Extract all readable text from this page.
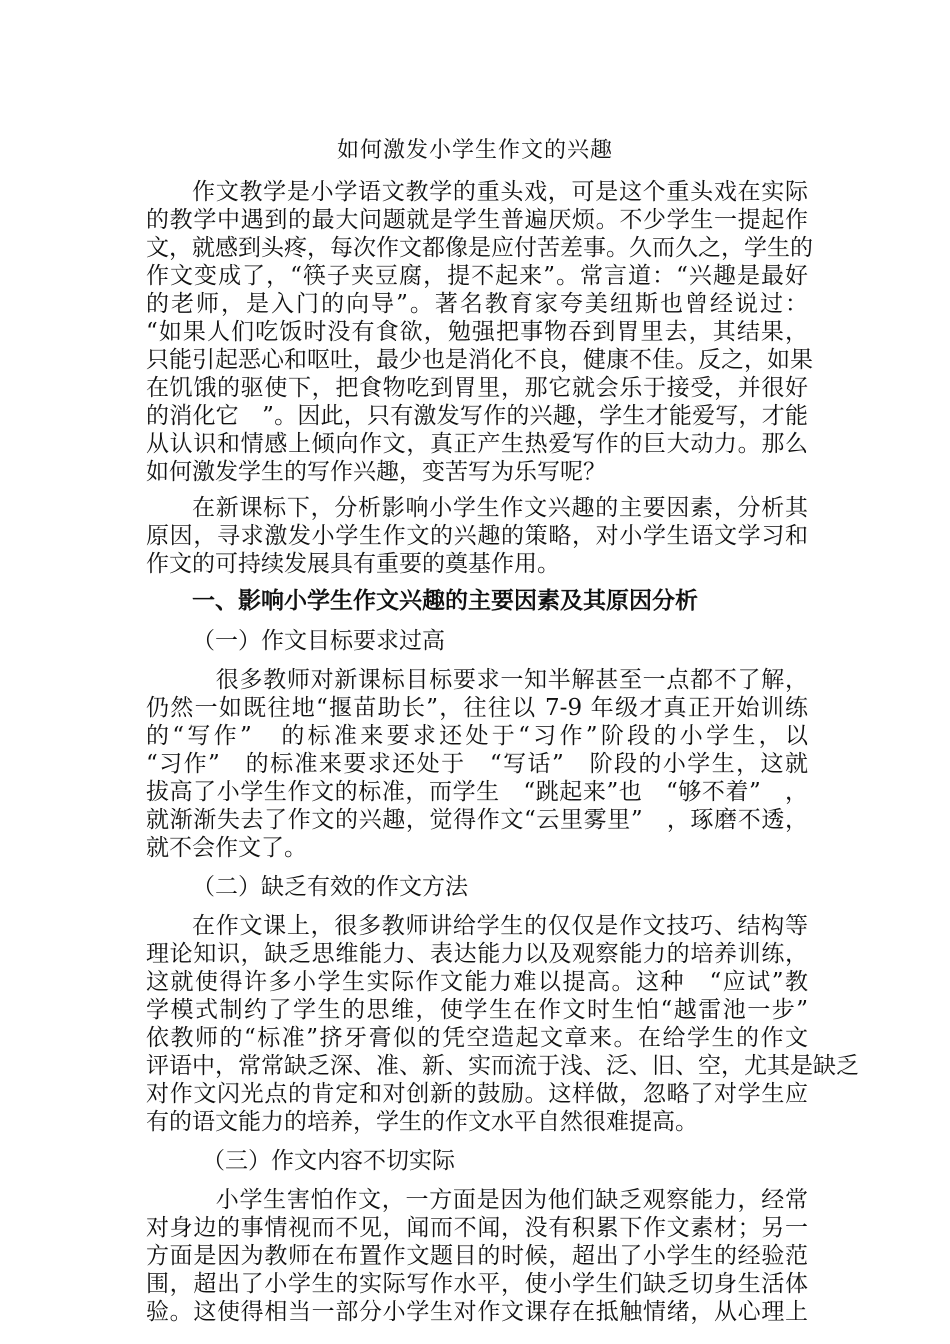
如何激发小学生作文的兴趣
作文教学是小学语文教学的重头戏，可是这个重头戏在实际
的教学中遇到的最大问题就是学生普遍厌烦。不少学生一提起作
文，就感到头疼，每次作文都像是应付苦差事。久而久之，学生的
作文变成了，“筷子夹豆腐，提不起来”。常言道：“兴趣是最好
的老师，是入门的向导”。著名教育家夸美纽斯也曾经说过：
“如果人们吃饭时没有食欲，勉强把事物吞到胃里去，其结果，
只能引起恶心和呕吐，最少也是消化不良，健康不佳。反之，如果
在饥饿的驱使下，把食物吃到胃里，那它就会乐于接受，并很好
的消化它　”。因此，只有激发写作的兴趣，学生才能爱写，才能
从认识和情感上倾向作文，真正产生热爱写作的巨大动力。那么
如何激发学生的写作兴趣，变苦写为乐写呢？
在新课标下，分析影响小学生作文兴趣的主要因素，分析其
原因，寻求激发小学生作文的兴趣的策略，对小学生语文学习和
作文的可持续发展具有重要的奠基作用。
一、影响小学生作文兴趣的主要因素及其原因分析
（一）作文目标要求过高
　很多教师对新课标目标要求一知半解甚至一点都不了解，
仍然一如既往地“揠苗助长”，往往以 7-9 年级才真正开始训练
的“写作”　的标准来要求还处于“习作”阶段的小学生，以
“习作”　的标准来要求还处于　“写话”　阶段的小学生，这就
拔高了小学生作文的标准，而学生　“跳起来”也　“够不着”　，
就渐渐失去了作文的兴趣，觉得作文“云里雾里”　，琢磨不透，
就不会作文了。
（二）缺乏有效的作文方法
在作文课上，很多教师讲给学生的仅仅是作文技巧、结构等
理论知识，缺乏思维能力、表达能力以及观察能力的培养训练，
这就使得许多小学生实际作文能力难以提高。这种　“应试”教
学模式制约了学生的思维，使学生在作文时生怕“越雷池一步”
依教师的“标准”挤牙膏似的凭空造起文章来。在给学生的作文
评语中，常常缺乏深、准、新、实而流于浅、泛、旧、空，尤其是缺乏
对作文闪光点的肯定和对创新的鼓励。这样做，忽略了对学生应
有的语文能力的培养，学生的作文水平自然很难提高。
（三）作文内容不切实际
　小学生害怕作文，一方面是因为他们缺乏观察能力，经常
对身边的事情视而不见，闻而不闻，没有积累下作文素材；另一
方面是因为教师在布置作文题目的时候，超出了小学生的经验范
围，超出了小学生的实际写作水平，使小学生们缺乏切身生活体
验。这使得相当一部分小学生对作文课存在抵触情绪，从心理上
